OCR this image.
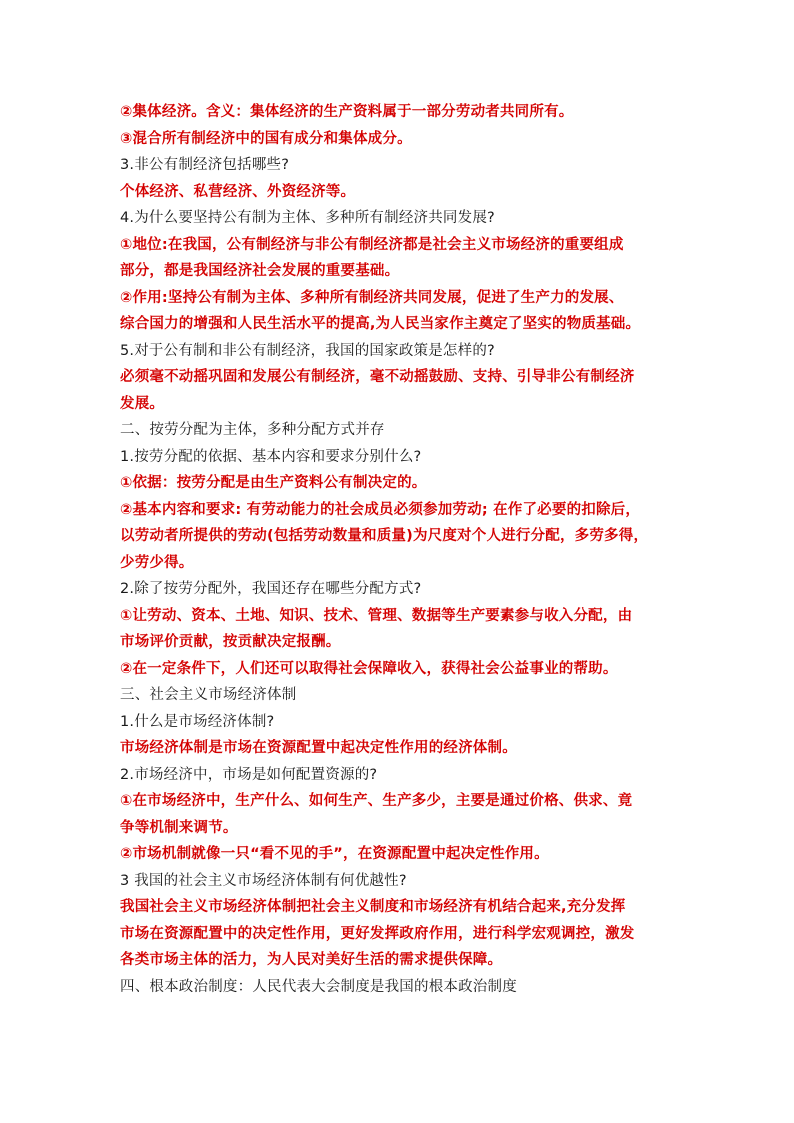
②集体经济。含义：集体经济的生产资料属于一部分劳动者共同所有。
③混合所有制经济中的国有成分和集体成分。
3.非公有制经济包括哪些?
个体经济、私营经济、外资经济等。
4.为什么要坚持公有制为主体、多种所有制经济共同发展?
①地位:在我国，公有制经济与非公有制经济都是社会主义市场经济的重要组成
部分，都是我国经济社会发展的重要基础。
②作用:坚持公有制为主体、多种所有制经济共同发展，促进了生产力的发展、
综合国力的增强和人民生活水平的提高,为人民当家作主奠定了坚实的物质基础。
5.对于公有制和非公有制经济，我国的国家政策是怎样的?
必须毫不动摇巩固和发展公有制经济，毫不动摇鼓励、支持、引导非公有制经济
发展。
二、按劳分配为主体，多种分配方式并存
1.按劳分配的依据、基本内容和要求分别什么?
①依据：按劳分配是由生产资料公有制决定的。
②基本内容和要求: 有劳动能力的社会成员必须参加劳动; 在作了必要的扣除后，
以劳动者所提供的劳动(包括劳动数量和质量)为尺度对个人进行分配，多劳多得，
少劳少得。
2.除了按劳分配外，我国还存在哪些分配方式?
①让劳动、资本、土地、知识、技术、管理、数据等生产要素参与收入分配，由
市场评价贡献，按贡献决定报酬。
②在一定条件下，人们还可以取得社会保障收入，获得社会公益事业的帮助。
三、社会主义市场经济体制
1.什么是市场经济体制?
市场经济体制是市场在资源配置中起决定性作用的经济体制。
2.市场经济中，市场是如何配置资源的?
①在市场经济中，生产什么、如何生产、生产多少，主要是通过价格、供求、竟
争等机制来调节。
②市场机制就像一只“看不见的手”，在资源配置中起决定性作用。
3 我国的社会主义市场经济体制有何优越性?
我国社会主义市场经济体制把社会主义制度和市场经济有机结合起来,充分发挥
市场在资源配置中的决定性作用，更好发挥政府作用，进行科学宏观调控，激发
各类市场主体的活力，为人民对美好生活的需求提供保障。
四、根本政治制度：人民代表大会制度是我国的根本政治制度
